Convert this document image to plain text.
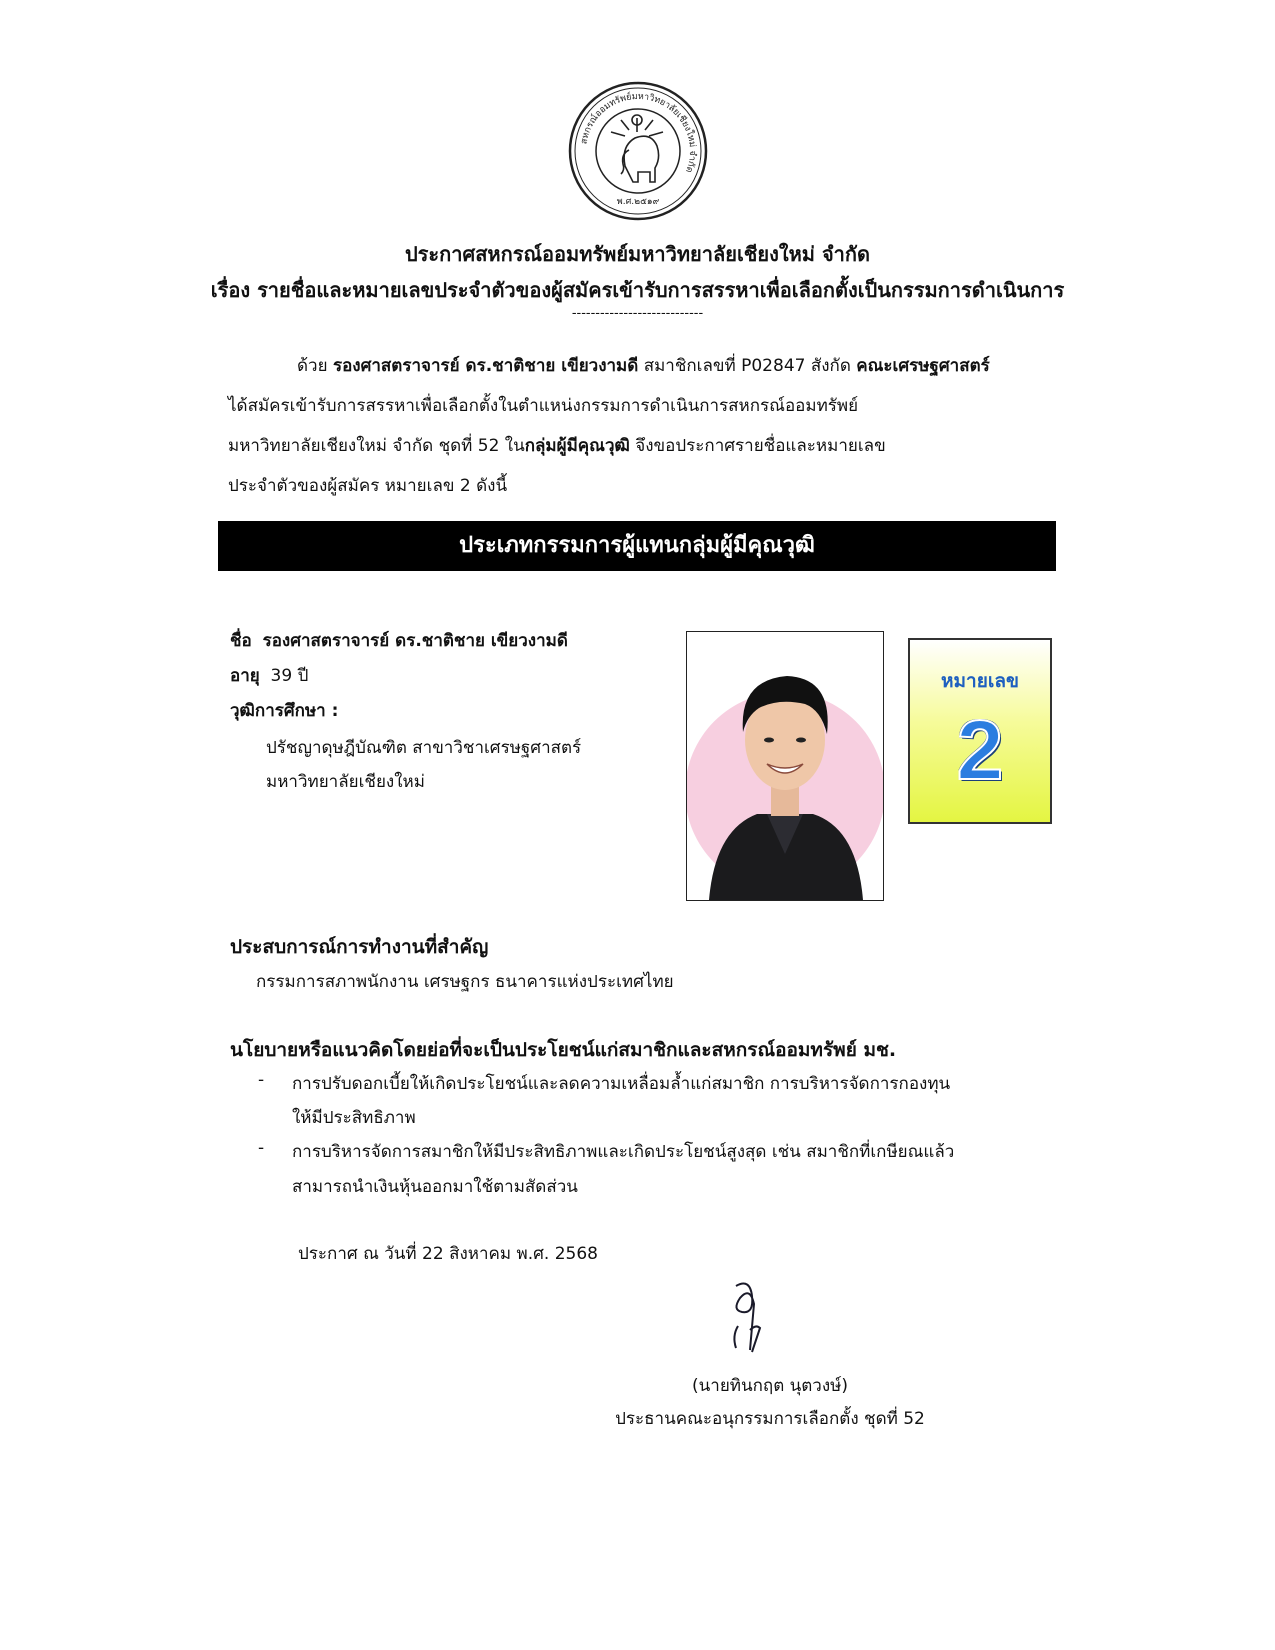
สหกรณ์ออมทรัพย์มหาวิทยาลัยเชียงใหม่ จำกัด
พ.ศ.๒๕๑๙
ประกาศสหกรณ์ออมทรัพย์มหาวิทยาลัยเชียงใหม่ จำกัด
เรื่อง รายชื่อและหมายเลขประจำตัวของผู้สมัครเข้ารับการสรรหาเพื่อเลือกตั้งเป็นกรรมการดำเนินการ
----------------------------
ด้วย รองศาสตราจารย์ ดร.ชาติชาย เขียวงามดี สมาชิกเลขที่ P02847 สังกัด คณะเศรษฐศาสตร์
ได้สมัครเข้ารับการสรรหาเพื่อเลือกตั้งในตำแหน่งกรรมการดำเนินการสหกรณ์ออมทรัพย์
มหาวิทยาลัยเชียงใหม่ จำกัด ชุดที่ 52 ในกลุ่มผู้มีคุณวุฒิ จึงขอประกาศรายชื่อและหมายเลข
ประจำตัวของผู้สมัคร หมายเลข 2 ดังนี้
ประเภทกรรมการผู้แทนกลุ่มผู้มีคุณวุฒิ
ชื่อ รองศาสตราจารย์ ดร.ชาติชาย เขียวงามดี
อายุ 39 ปี
วุฒิการศึกษา :
ปรัชญาดุษฎีบัณฑิต สาขาวิชาเศรษฐศาสตร์
มหาวิทยาลัยเชียงใหม่
หมายเลข
2
ประสบการณ์การทำงานที่สำคัญ
กรรมการสภาพนักงาน เศรษฐกร ธนาคารแห่งประเทศไทย
นโยบายหรือแนวคิดโดยย่อที่จะเป็นประโยชน์แก่สมาชิกและสหกรณ์ออมทรัพย์ มช.
- การปรับดอกเบี้ยให้เกิดประโยชน์และลดความเหลื่อมล้ำแก่สมาชิก การบริหารจัดการกองทุน
ให้มีประสิทธิภาพ
- การบริหารจัดการสมาชิกให้มีประสิทธิภาพและเกิดประโยชน์สูงสุด เช่น สมาชิกที่เกษียณแล้ว
สามารถนำเงินหุ้นออกมาใช้ตามสัดส่วน
ประกาศ ณ วันที่ 22 สิงหาคม พ.ศ. 2568
(นายทินกฤต นุตวงษ์)
ประธานคณะอนุกรรมการเลือกตั้ง ชุดที่ 52
